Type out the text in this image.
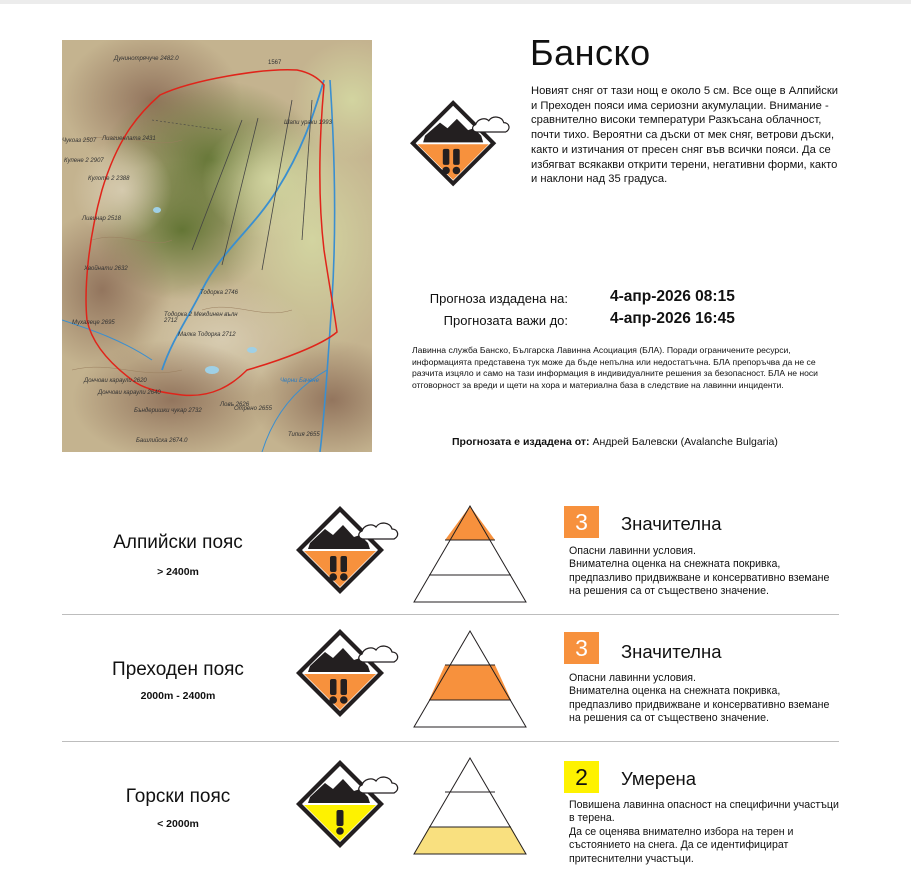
Дунинотрячуче 2482.0
1567
Шапи ураки 1993
Лиагиенлата 2431
Чукоаз 2507
Купене 2 2907
Кулоте 2 2388
Ливинар 2518
Хвойнати 2632
Тодорка 2746
Тодорка 2 Междинен вълн 2712
Малка Тодорка 2712
Мухалеце 2695
Дончови караули 2620
Дончови караули 2640
Ловъ 2626
Бъндеришки чукар 2732	Отрено 2655
Башлийска 2674.0
Типия 2655
Черни Бачене
Банско
Новият сняг от тази нощ е около 5 см. Все още в Алпийски и Преходен пояси има сериозни акумулации. Внимание - сравнително високи температури Разкъсана облачност, почти тихо. Вероятни са дъски от мек сняг, ветрови дъски, както и изтичания от пресен сняг във всички пояси. Да се избягват всякакви открити терени, негативни форми, както и наклони над 35 градуса.
Прогноза издадена на:	4-апр-2026 08:15
Прогнозата важи до:	4-апр-2026 16:45
Лавинна служба Банско, Българска Лавинна Асоциация (БЛА). Поради ограничените ресурси, информацията представена тук може да бъде непълна или недостатъчна. БЛА препоръчва да не се разчита изцяло и само на тази информация в индивидуалните решения за безопасност. БЛА не носи отговорност за вреди и щети на хора и материална база в следствие на лавинни инциденти.
Прогнозата е издадена от: Андрей Балевски (Avalanche Bulgaria)
Алпийски пояс
> 2400m
3	Значителна

Опасни лавинни условия.

Внимателна оценка на снежната покривка, предпазливо придвижване и консервативно вземане на решения са от съществено значение.

Преходен пояс
2000m - 2400m
3	Значителна

Опасни лавинни условия.

Внимателна оценка на снежната покривка, предпазливо придвижване и консервативно вземане на решения са от съществено значение.

Горски пояс
< 2000m
2	Умерена

Повишена лавинна опасност на специфични участъци в терена.

Да се оценява внимателно избора на терен и състоянието на снега. Да се идентифицират притеснителни участъци.
